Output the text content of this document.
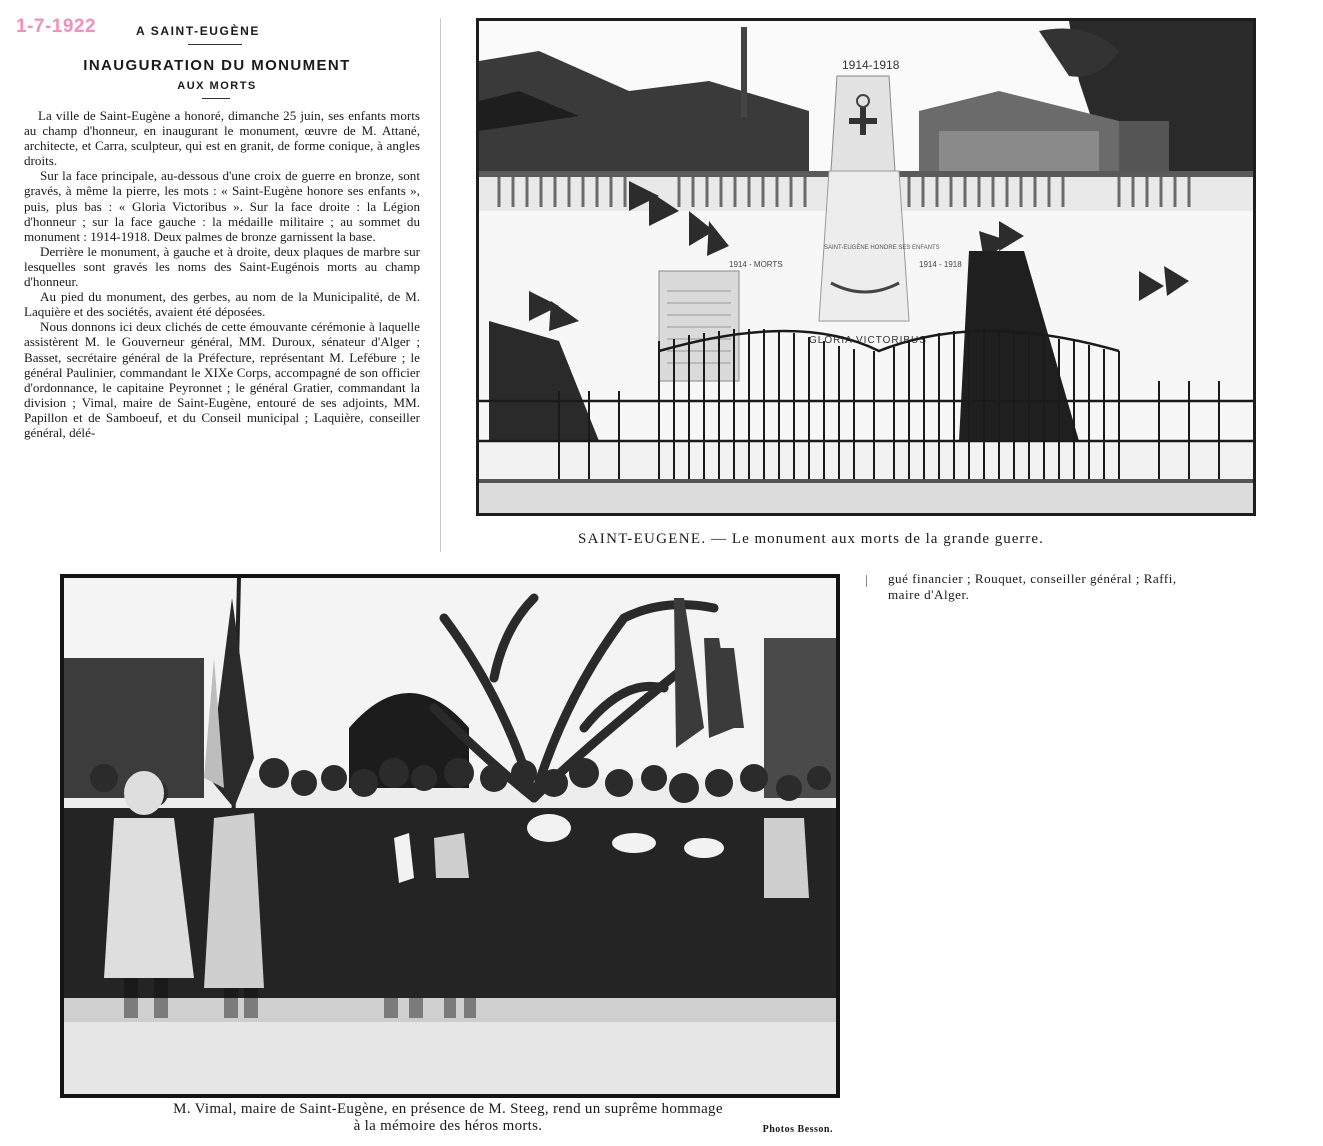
1-7-1922	A SAINT-EUGÈNE
INAUGURATION DU MONUMENT
AUX MORTS

La ville de Saint-Eugène a honoré, dimanche 25 juin, ses enfants morts au champ d'honneur, en inaugurant le monument, œuvre de M. Attané, architecte, et Carra, sculpteur, qui est en granit, de forme conique, à angles droits.

Sur la face principale, au-dessous d'une croix de guerre en bronze, sont gravés, à même la pierre, les mots : « Saint-Eugène honore ses enfants », puis, plus bas : « Gloria Victoribus ». Sur la face droite : la Légion d'honneur ; sur la face gauche : la médaille militaire ; au sommet du monument : 1914-1918. Deux palmes de bronze garnissent la base.

Derrière le monument, à gauche et à droite, deux plaques de marbre sur lesquelles sont gravés les noms des Saint-Eugénois morts au champ d'honneur.

Au pied du monument, des gerbes, au nom de la Municipalité, de M. Laquière et des sociétés, avaient été déposées.

Nous donnons ici deux clichés de cette émouvante cérémonie à laquelle assistèrent M. le Gouverneur général, MM. Duroux, sénateur d'Alger ; Basset, secrétaire général de la Préfecture, représentant M. Lefébure ; le général Paulinier, commandant le XIXe Corps, accompagné de son officier d'ordonnance, le capitaine Peyronnet ; le général Gratier, commandant la division ; Vimal, maire de Saint-Eugène, entouré de ses adjoints, MM. Papillon et de Samboeuf, et du Conseil municipal ; Laquière, conseiller général, délé-

1914-1918
SAINT-EUGÈNE HONORE SES ENFANTS
1914 - MORTS	1914 - 1918
GLORIA VICTORIBUS
SAINT-EUGENE. — Le monument aux morts de la grande guerre.
gué financier ; Rouquet, conseiller général ; Raffi,
maire d'Alger.
M. Vimal, maire de Saint-Eugène, en présence de M. Steeg, rend un suprême hommage
à la mémoire des héros morts.	Photos Besson.
